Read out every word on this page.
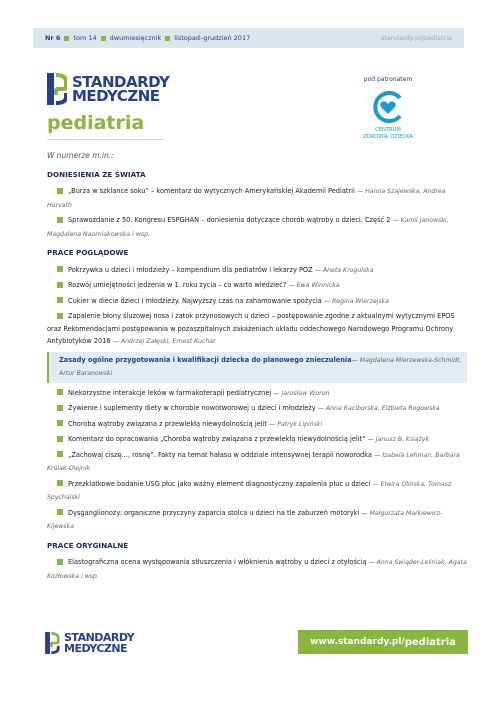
Nr 6 tom 14 dwumiesięcznik listopad–grudzień 2017	standardy.pl/pediatria
STANDARDY
MEDYCZNE
pediatria
pod patronatem
CENTRUM
ZDROWIA DZIECKA
W numerze m.in.:
DONIESIENIA ZE ŚWIATA
„Burza w szklance soku” – komentarz do wytycznych Amerykańskiej Akademii Pediatrii — Hanna Szajewska, Andrea Horvath
Sprawozdanie z 50. Kongresu ESPGHAN – doniesienia dotyczące chorób wątroby u dzieci. Część 2 — Kamil Janowski, Magdalena Naorniakowska i wsp.
PRACE POGLĄDOWE
Pokrzywka u dzieci i młodzieży – kompendium dla pediatrów i lekarzy POZ — Aneta Krogulska
Rozwój umiejętności jedzenia w 1. roku życia – co warto wiedzieć? — Ewa Winnicka
Cukier w diecie dzieci i młodzieży. Najwyższy czas na zahamowanie spożycia — Regina Wierzejska
Zapalenie błony śluzowej nosa i zatok przynosowych u dzieci – postępowanie zgodne z aktualnymi wytycznymi EPOS oraz Rekomendacjami postępowania w pozaszpitalnych zakażeniach układu oddechowego Narodowego Programu Ochrony Antybiotyków 2016 — Andrzej Załęski, Ernest Kuchar
Zasady ogólne przygotowania i kwalifikacji dziecka do planowego znieczulenia— Magdalena Mierzewska-Schmidt, Artur Baranowski
Niekorzystne interakcje leków w farmakoterapii pediatrycznej — Jarosław Woroń
Żywienie i suplementy diety w chorobie nowotworowej u dzieci i młodzieży — Anna Raciborska, Elżbieta Rogowska
Choroba wątroby związana z przewlekłą niewydolnością jelit — Patryk Lipiński
Komentarz do opracowania „Choroba wątroby związana z przewlekłą niewydolnością jelit” — Janusz B. Książyk
„Zachowaj ciszę..., rosnę”. Fakty na temat hałasu w oddziale intensywnej terapii noworodka — Izabela Lehman, Barbara Królak-Olejnik
Przezklatkowe badanie USG płuc jako ważny element diagnostyczny zapalenia płuc u dzieci — Elwira Olińska, Tomasz Spychalski
Dysganglionozy: organiczne przyczyny zaparcia stolca u dzieci na tle zaburzeń motoryki — Małgorzata Markiewicz-Kijewska
PRACE ORYGINALNE
Elastograficzna ocena występowania stłuszczenia i włóknienia wątroby u dzieci z otyłością — Anna Swiąder-Leśniak, Agata Kozłowska i wsp.
STANDARDY
MEDYCZNE	www.standardy.pl/ pediatria
